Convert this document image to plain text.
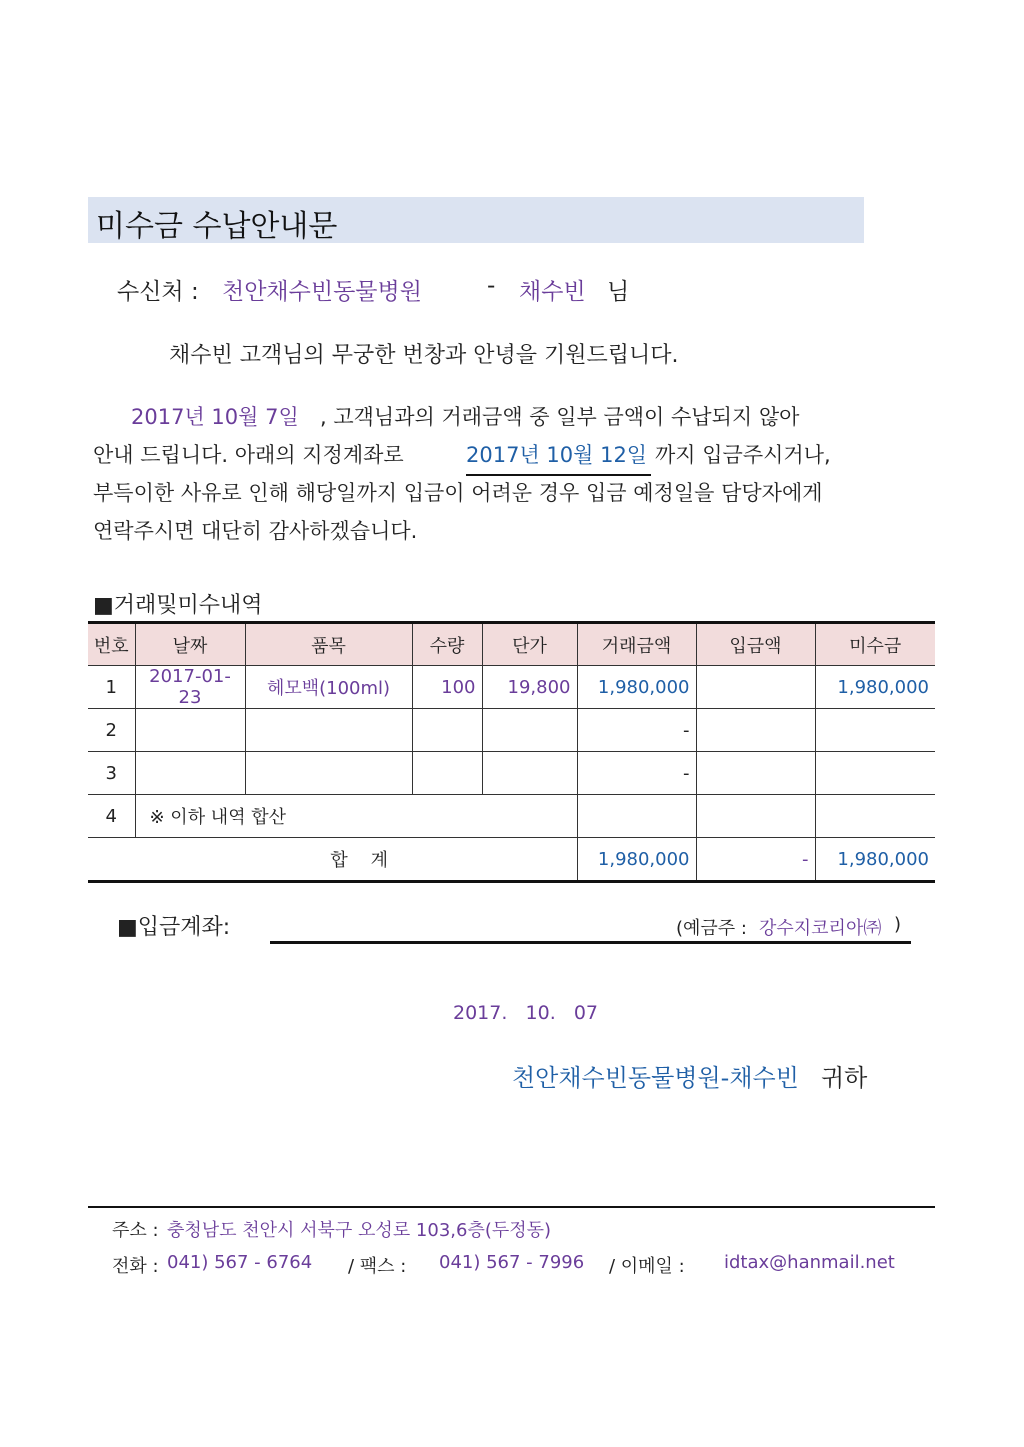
미수금 수납안내문
수신처 : 천안채수빈동물병원	- 채수빈 님
채수빈 고객님의 무궁한 번창과 안녕을 기원드립니다.
2017년 10월 7일 , 고객님과의 거래금액 중 일부 금액이 수납되지 않아
안내 드립니다. 아래의 지정계좌로	2017년 10월 12일 까지 입금주시거나,
부득이한 사유로 인해 해당일까지 입금이 어려운 경우 입금 예정일을 담당자에게
연락주시면 대단히 감사하겠습니다.
■거래및미수내역
번호	날짜	품목	수량	단가	거래금액	입금액	미수금
1	2017-01-23	헤모백(100ml)	100	19,800	1,980,000		1,980,000
2					-		
3					-		
4	※ 이하 내역 합산						
합    계					1,980,000	-	1,980,000
■입금계좌:	(예금주 : 강수지코리아㈜ )
2017.   10.   07
천안채수빈동물병원-채수빈 귀하
주소 : 충청남도 천안시 서북구 오성로 103,6층(두정동)
전화 : 041) 567 - 6764 / 팩스 : 041) 567 - 7996 / 이메일 : idtax@hanmail.net
